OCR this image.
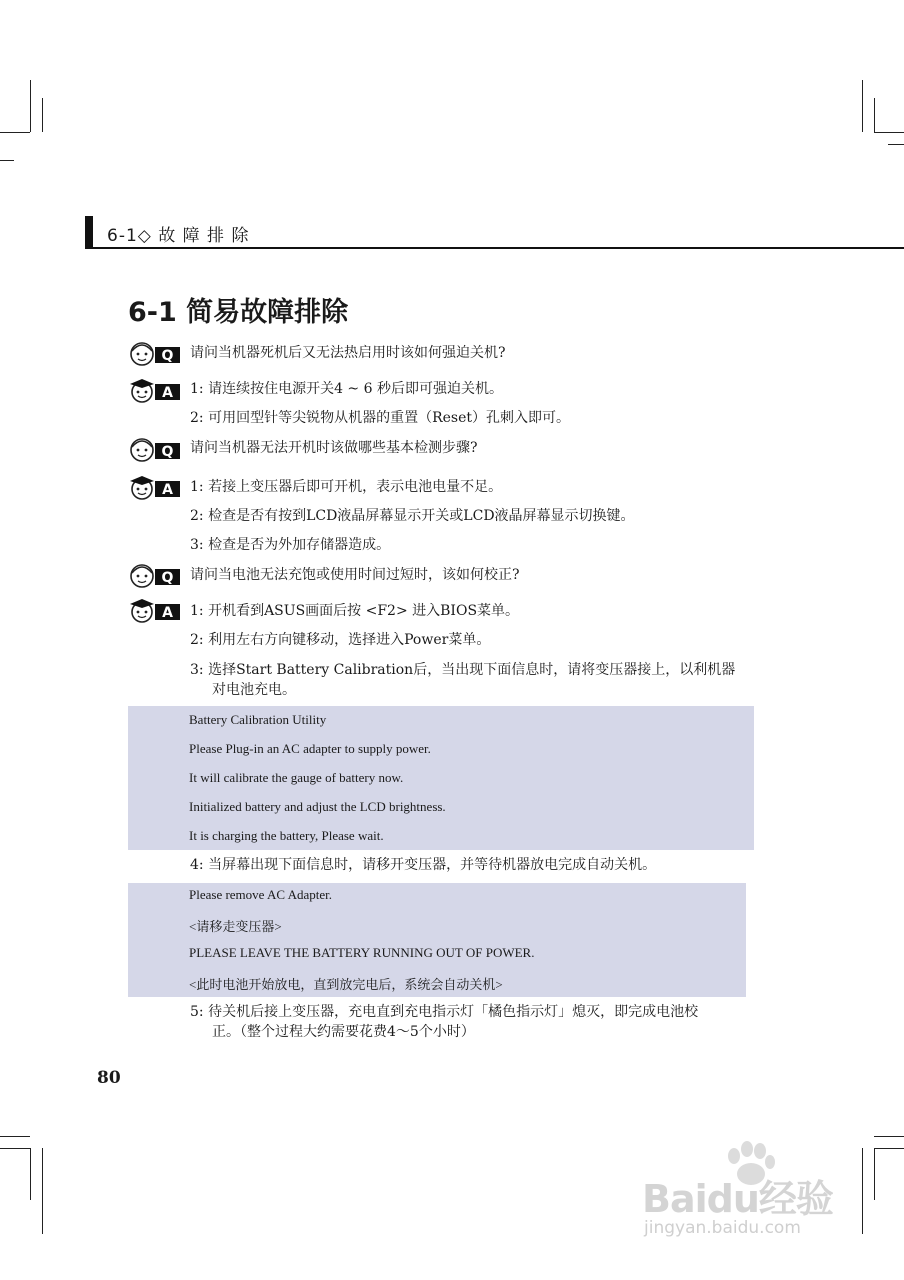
6-1◇ 故 障 排 除
6-1 简易故障排除
Q 请问当机器死机后又无法热启用时该如何强迫关机?
A 1: 请连续按住电源开关4 ~ 6 秒后即可强迫关机。
2: 可用回型针等尖锐物从机器的重置（Reset）孔刺入即可。
Q 请问当机器无法开机时该做哪些基本检测步骤?
A 1: 若接上变压器后即可开机，表示电池电量不足。
2: 检查是否有按到LCD液晶屏幕显示开关或LCD液晶屏幕显示切换键。
3: 检查是否为外加存储器造成。
Q 请问当电池无法充饱或使用时间过短时，该如何校正?
A 1: 开机看到ASUS画面后按 <F2> 进入BIOS菜单。
2: 利用左右方向键移动，选择进入Power菜单。
3: 选择Start Battery Calibration后，当出现下面信息时，请将变压器接上，以利机器
对电池充电。
Battery Calibration Utility
Please Plug-in an AC adapter to supply power.
It will calibrate the gauge of battery now.
Initialized battery and adjust the LCD brightness.
It is charging the battery, Please wait.
4: 当屏幕出现下面信息时，请移开变压器，并等待机器放电完成自动关机。
Please remove AC Adapter.
<请移走变压器>
PLEASE LEAVE THE BATTERY RUNNING OUT OF POWER.
<此时电池开始放电，直到放完电后，系统会自动关机>
5: 待关机后接上变压器，充电直到充电指示灯「橘色指示灯」熄灭，即完成电池校
正。（整个过程大约需要花费4～5个小时）
80
Baidu经验
jingyan.baidu.com
